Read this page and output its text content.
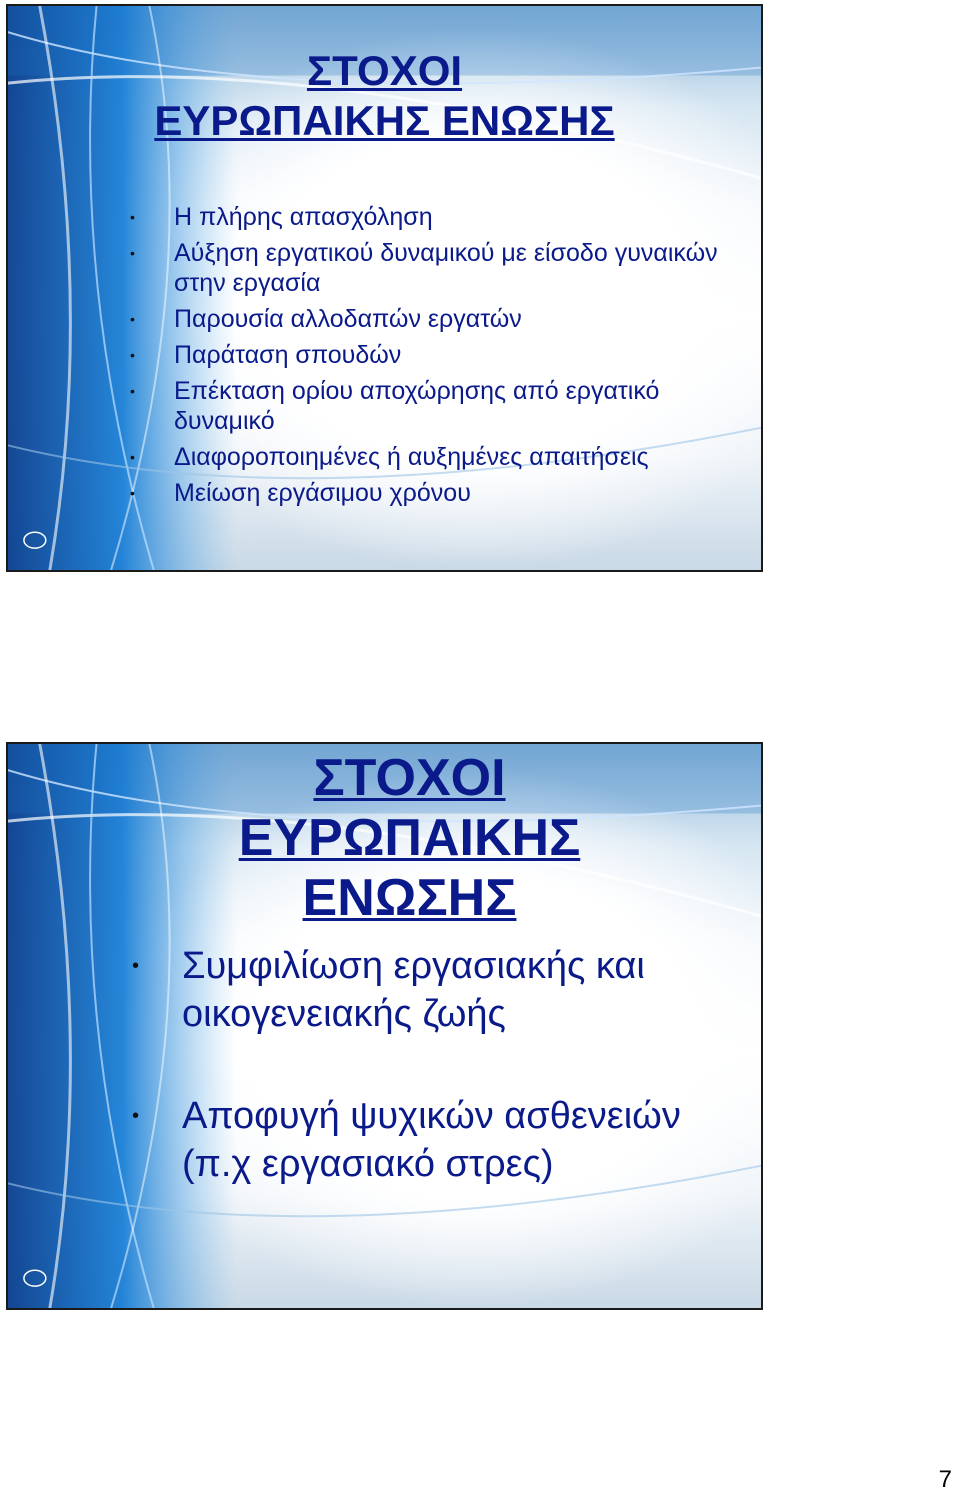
ΣΤΟΧΟΙ
ΕΥΡΩΠΑΙΚΗΣ ΕΝΩΣΗΣ
• Η πλήρης απασχόληση
• Αύξηση εργατικού δυναμικού με είσοδο γυναικών στην εργασία
• Παρουσία αλλοδαπών εργατών
• Παράταση σπουδών
• Επέκταση ορίου αποχώρησης από εργατικό δυναμικό
• Διαφοροποιημένες ή αυξημένες απαιτήσεις
• Μείωση εργάσιμου χρόνου
ΣΤΟΧΟΙ
ΕΥΡΩΠΑΙΚΗΣ
ΕΝΩΣΗΣ
• Συμφιλίωση εργασιακής και οικογενειακής ζωής
• Αποφυγή ψυχικών ασθενειών (π.χ εργασιακό στρες)
7
